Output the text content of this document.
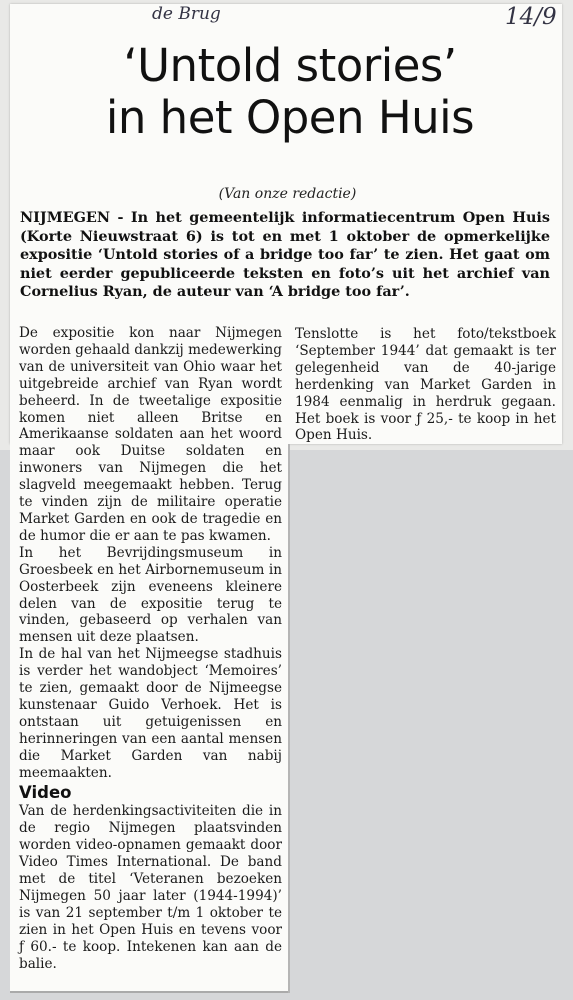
de Brug	14/9
‘Untold stories’
in het Open Huis
(Van onze redactie)
NIJMEGEN - In het gemeentelijk informatiecentrum Open Huis (Korte Nieuwstraat 6) is tot en met 1 oktober de opmerkelijke expositie ‘Untold stories of a bridge too far’ te zien. Het gaat om niet eerder gepubliceerde teksten en foto’s uit het archief van Cornelius Ryan, de auteur van ‘A bridge too far’.

De expositie kon naar Nijmegen worden gehaald dankzij medewerking van de universiteit van Ohio waar het uitgebreide archief van Ryan wordt beheerd. In de tweetalige expositie komen niet alleen Britse en Amerikaanse soldaten aan het woord maar ook Duitse soldaten en inwoners van Nijmegen die het slagveld meegemaakt hebben. Terug te vinden zijn de militaire operatie Market Garden en ook de tragedie en de humor die er aan te pas kwamen.

In het Bevrijdingsmuseum in Groesbeek en het Airbornemuseum in Oosterbeek zijn eveneens kleinere delen van de expositie terug te vinden, gebaseerd op verhalen van mensen uit deze plaatsen.

In de hal van het Nijmeegse stadhuis is verder het wandobject ‘Memoires’ te zien, gemaakt door de Nijmeegse kunstenaar Guido Verhoek. Het is ontstaan uit getuigenissen en herinneringen van een aantal mensen die Market Garden van nabij meemaakten.

Video

Van de herdenkingsactiviteiten die in de regio Nijmegen plaatsvinden worden video-opnamen gemaakt door Video Times International. De band met de titel ‘Veteranen bezoeken Nijmegen 50 jaar later (1944-1994)’ is van 21 september t/m 1 oktober te zien in het Open Huis en tevens voor ƒ 60.- te koop. Intekenen kan aan de balie.

Tenslotte is het foto/tekstboek ‘September 1944’ dat gemaakt is ter gelegenheid van de 40-jarige herdenking van Market Garden in 1984 eenmalig in herdruk gegaan. Het boek is voor ƒ 25,- te koop in het Open Huis.
